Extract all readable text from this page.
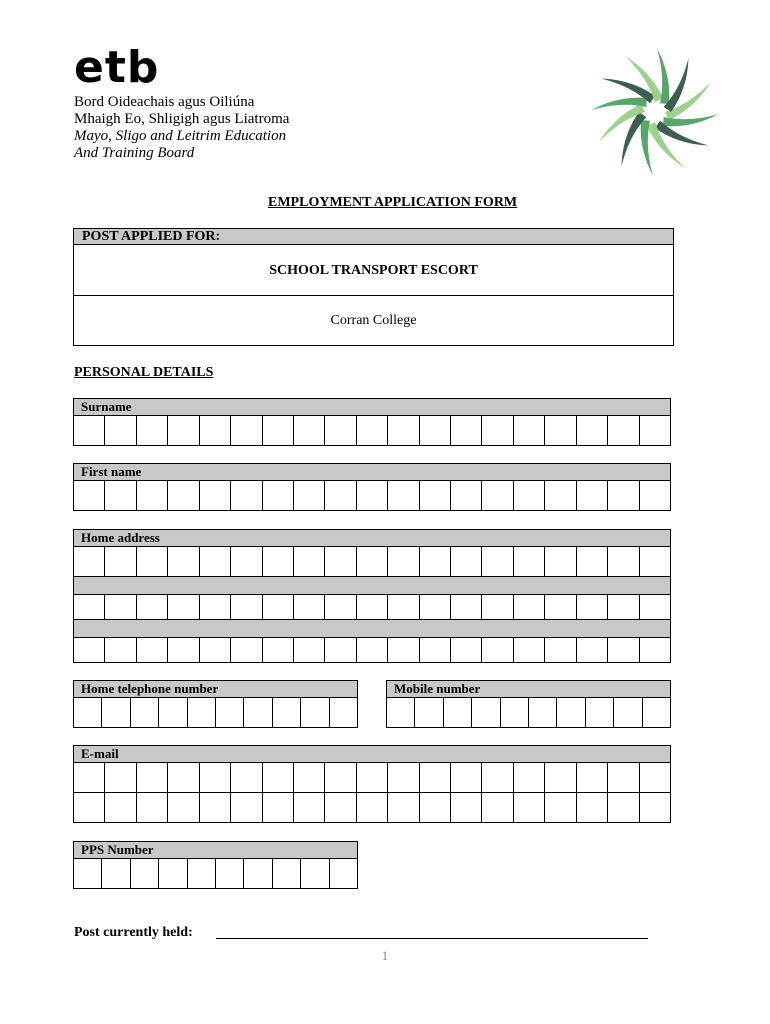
etb
Bord Oideachais agus Oiliúna
Mhaigh Eo, Shligigh agus Liatroma
Mayo, Sligo and Leitrim Education
And Training Board
EMPLOYMENT APPLICATION FORM
POST APPLIED FOR:
SCHOOL TRANSPORT ESCORT
Corran College
PERSONAL DETAILS
Surname
First name
Home address
Home telephone number	Mobile number
E-mail
PPS Number
Post currently held:
1
